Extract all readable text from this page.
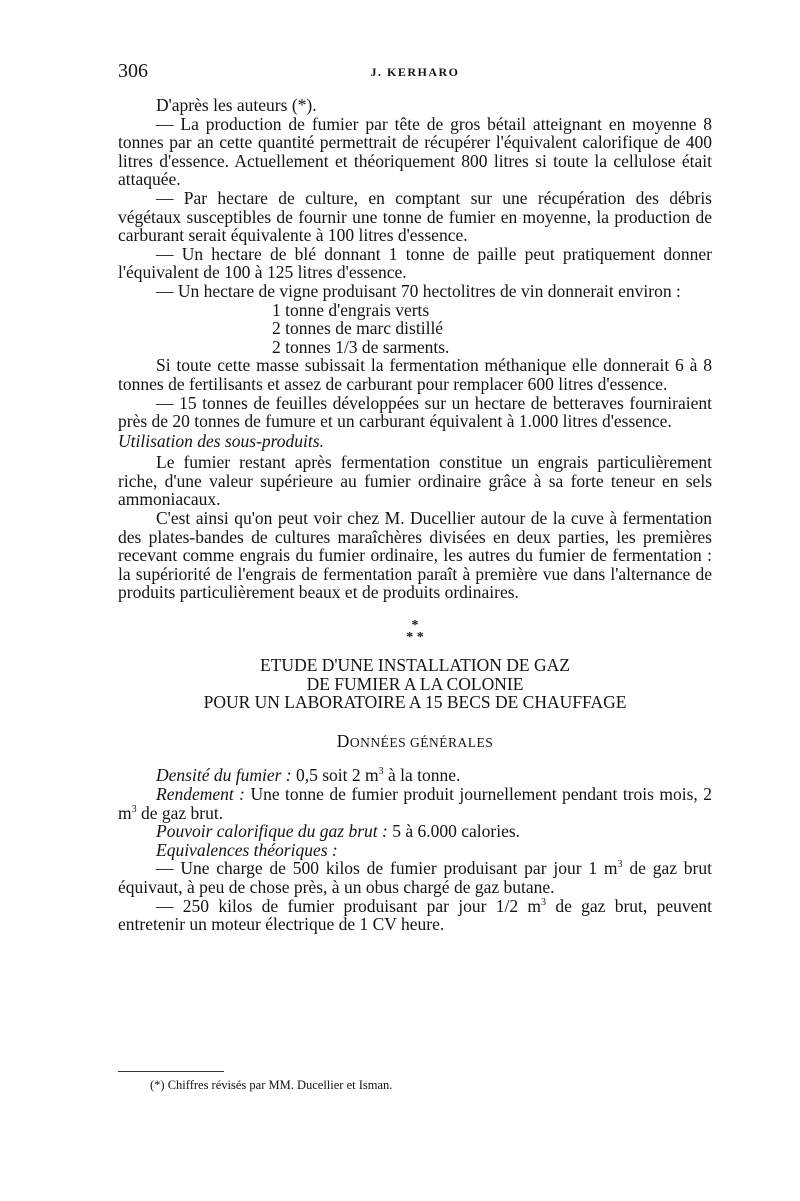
306	J. KERHARO

D'après les auteurs (*).

— La production de fumier par tête de gros bétail atteignant en moyenne 8 tonnes par an cette quantité permettrait de récupérer l'équivalent calorifique de 400 litres d'essence. Actuellement et théoriquement 800 litres si toute la cellulose était attaquée.

— Par hectare de culture, en comptant sur une récupération des débris végétaux susceptibles de fournir une tonne de fumier en moyenne, la production de carburant serait équivalente à 100 litres d'essence.

— Un hectare de blé donnant 1 tonne de paille peut pratiquement donner l'équivalent de 100 à 125 litres d'essence.

— Un hectare de vigne produisant 70 hectolitres de vin donnerait environ :

1 tonne d'engrais verts
2 tonnes de marc distillé
2 tonnes 1/3 de sarments.

Si toute cette masse subissait la fermentation méthanique elle donnerait 6 à 8 tonnes de fertilisants et assez de carburant pour remplacer 600 litres d'essence.

— 15 tonnes de feuilles développées sur un hectare de betteraves fourniraient près de 20 tonnes de fumure et un carburant équivalent à 1.000 litres d'essence.

Utilisation des sous-produits.

Le fumier restant après fermentation constitue un engrais particulièrement riche, d'une valeur supérieure au fumier ordinaire grâce à sa forte teneur en sels ammoniacaux.

C'est ainsi qu'on peut voir chez M. Ducellier autour de la cuve à fermentation des plates-bandes de cultures maraîchères divisées en deux parties, les premières recevant comme engrais du fumier ordinaire, les autres du fumier de fermentation : la supériorité de l'engrais de fermentation paraît à première vue dans l'alternance de produits particulièrement beaux et de produits ordinaires.

*
* *
ETUDE D'UNE INSTALLATION DE GAZ
DE FUMIER A LA COLONIE
POUR UN LABORATOIRE A 15 BECS DE CHAUFFAGE
DONNÉES GÉNÉRALES

Densité du fumier : 0,5 soit 2 $m^3$ à la tonne.

Rendement : Une tonne de fumier produit journellement pendant trois mois, 2 $m^3$ de gaz brut.

Pouvoir calorifique du gaz brut : 5 à 6.000 calories.

Equivalences théoriques :

— Une charge de 500 kilos de fumier produisant par jour 1 $m^3$ de gaz brut équivaut, à peu de chose près, à un obus chargé de gaz butane.

— 250 kilos de fumier produisant par jour 1/2 $m^3$ de gaz brut, peuvent entretenir un moteur électrique de 1 CV heure.

(*) Chiffres révisés par MM. Ducellier et Isman.
